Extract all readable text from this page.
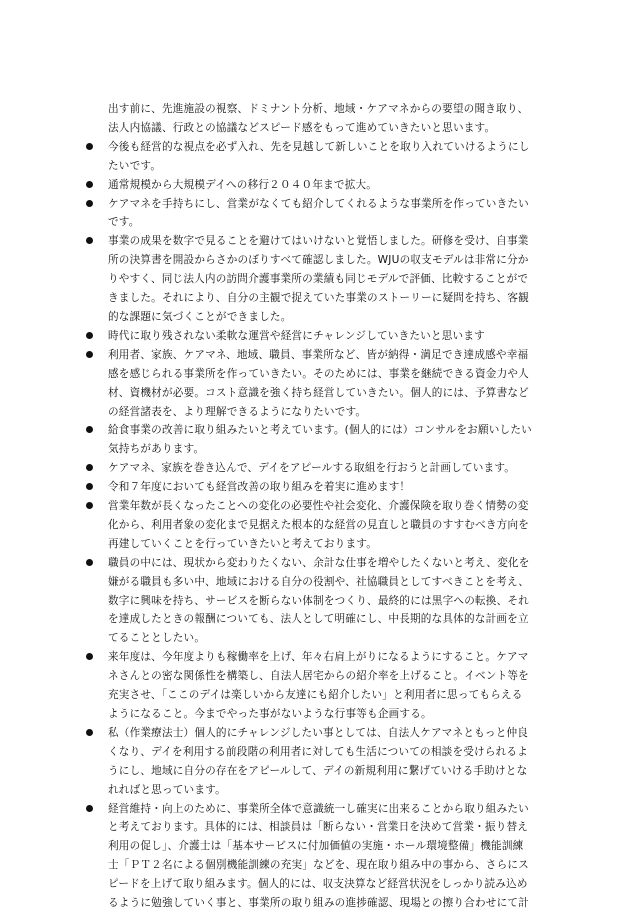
出す前に、先進施設の視察、ドミナント分析、地域・ケアマネからの要望の聞き取り、法人内協議、行政との協議などスピード感をもって進めていきたいと思います。

今後も経営的な視点を必ず入れ、先を見越して新しいことを取り入れていけるようにしたいです。
通常規模から大規模デイへの移行２０４０年まで拡大。
ケアマネを手持ちにし、営業がなくても紹介してくれるような事業所を作っていきたいです。
事業の成果を数字で見ることを避けてはいけないと覚悟しました。研修を受け、自事業所の決算書を開設からさかのぼりすべて確認しました。WJUの収支モデルは非常に分かりやすく、同じ法人内の訪問介護事業所の業績も同じモデルで評価、比較することができました。それにより、自分の主観で捉えていた事業のストーリーに疑問を持ち、客観的な課題に気づくことができました。
時代に取り残されない柔軟な運営や経営にチャレンジしていきたいと思います
利用者、家族、ケアマネ、地域、職員、事業所など、皆が納得・満足でき達成感や幸福感を感じられる事業所を作っていきたい。そのためには、事業を継続できる資金力や人材、資機材が必要。コスト意識を強く持ち経営していきたい。個人的には、予算書などの経営諸表を、より理解できるようになりたいです。
給食事業の改善に取り組みたいと考えています。(個人的には）コンサルをお願いしたい気持ちがあります。
ケアマネ、家族を巻き込んで、デイをアピールする取組を行おうと計画しています。
令和７年度においても経営改善の取り組みを着実に進めます！
営業年数が長くなったことへの変化の必要性や社会変化、介護保険を取り巻く情勢の変化から、利用者象の変化まで見据えた根本的な経営の見直しと職員のすすむべき方向を再建していくことを行っていきたいと考えております。
職員の中には、現状から変わりたくない、余計な仕事を増やしたくないと考え、変化を嫌がる職員も多い中、地域における自分の役割や、社協職員としてすべきことを考え、数字に興味を持ち、サービスを断らない体制をつくり、最終的には黒字への転換、それを達成したときの報酬についても、法人として明確にし、中長期的な具体的な計画を立てることとしたい。
来年度は、今年度よりも稼働率を上げ、年々右肩上がりになるようにすること。ケアマネさんとの密な関係性を構築し、自法人居宅からの紹介率を上げること。イベント等を充実させ、「ここのデイは楽しいから友達にも紹介したい」と利用者に思ってもらえるようになること。今までやった事がないような行事等も企画する。
私（作業療法士）個人的にチャレンジしたい事としては、自法人ケアマネともっと仲良くなり、デイを利用する前段階の利用者に対しても生活についての相談を受けられるようにし、地域に自分の存在をアピールして、デイの新規利用に繋げていける手助けとなれればと思っています。
経営維持・向上のために、事業所全体で意識統一し確実に出来ることから取り組みたいと考えております。具体的には、相談員は「断らない・営業日を決めて営業・振り替え利用の促し」、介護士は「基本サービスに付加価値の実施・ホール環境整備」機能訓練士「ＰＴ２名による個別機能訓練の充実」などを、現在取り組み中の事から、さらにスピードを上げて取り組みます。個人的には、収支決算など経営状況をしっかり読み込めるように勉強していく事と、事業所の取り組みの進捗確認、現場との擦り合わせにて計
